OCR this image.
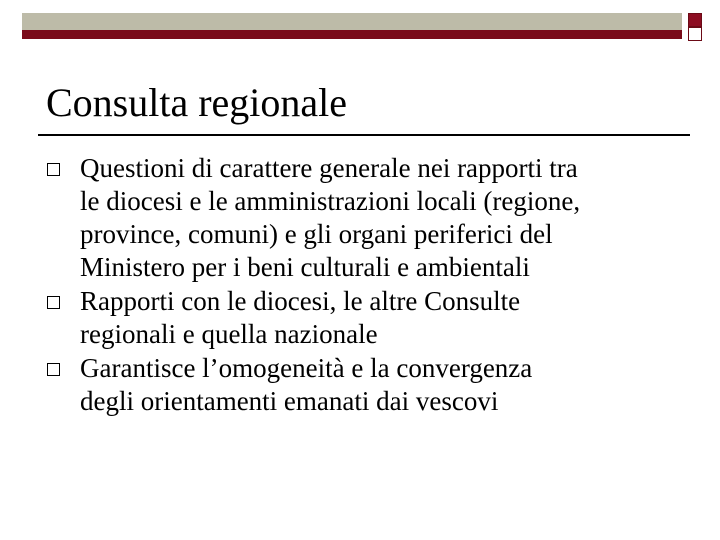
Consulta regionale
Questioni di carattere generale nei rapporti tra
le diocesi e le amministrazioni locali (regione,
province, comuni) e gli organi periferici del
Ministero per i beni culturali e ambientali
Rapporti con le diocesi, le altre Consulte
regionali e quella nazionale
Garantisce l’omogeneità e la convergenza
degli orientamenti emanati dai vescovi
